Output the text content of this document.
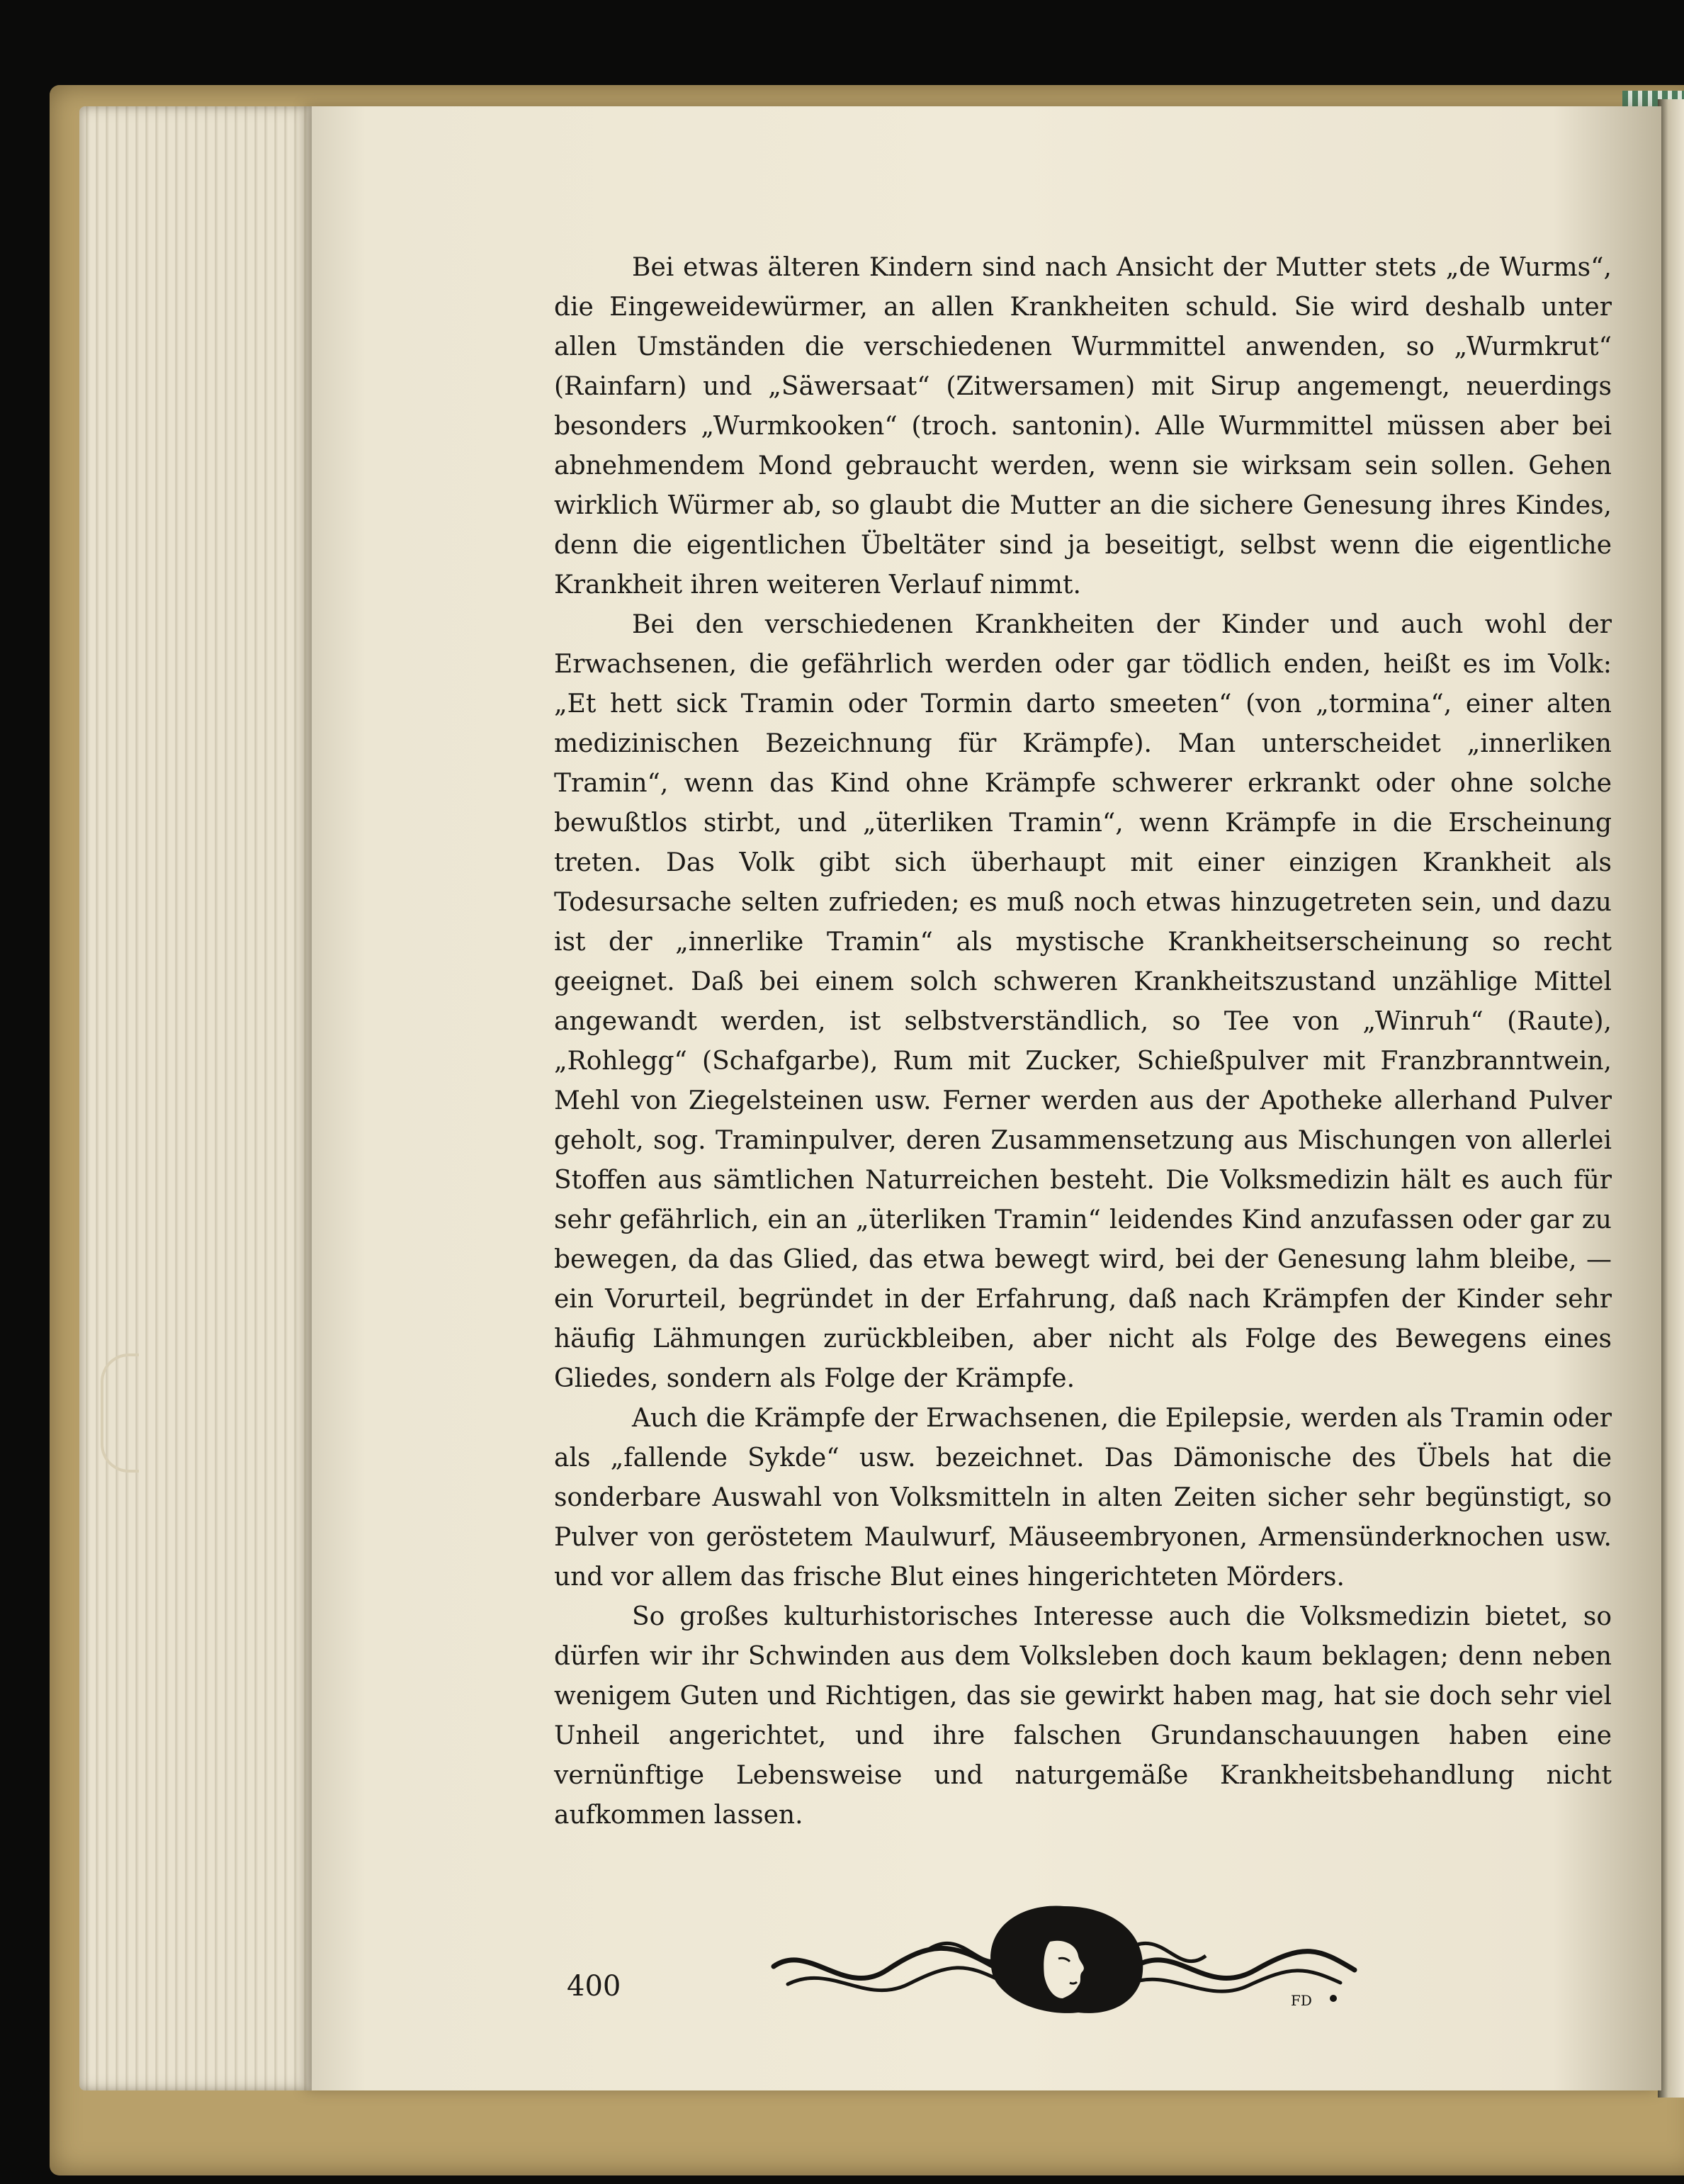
Bei etwas älteren Kindern sind nach Ansicht der Mutter stets „de Wurms“, die Eingeweidewürmer, an allen Krankheiten schuld. Sie wird deshalb unter allen Umständen die verschiedenen Wurmmittel anwenden, so „Wurmkrut“ (Rainfarn) und „Säwersaat“ (Zitwersamen) mit Sirup angemengt, neuerdings besonders „Wurmkooken“ (troch. santonin). Alle Wurmmittel müssen aber bei abnehmendem Mond gebraucht werden, wenn sie wirksam sein sollen. Gehen wirklich Würmer ab, so glaubt die Mutter an die sichere Genesung ihres Kindes, denn die eigentlichen Übeltäter sind ja beseitigt, selbst wenn die eigentliche Krankheit ihren weiteren Verlauf nimmt.

Bei den verschiedenen Krankheiten der Kinder und auch wohl der Erwachsenen, die gefährlich werden oder gar tödlich enden, heißt es im Volk: „Et hett sick Tramin oder Tormin darto smeeten“ (von „tormina“, einer alten medizinischen Bezeichnung für Krämpfe). Man unterscheidet „innerliken Tramin“, wenn das Kind ohne Krämpfe schwerer erkrankt oder ohne solche bewußtlos stirbt, und „üterliken Tramin“, wenn Krämpfe in die Erscheinung treten. Das Volk gibt sich überhaupt mit einer einzigen Krankheit als Todesursache selten zufrieden; es muß noch etwas hinzugetreten sein, und dazu ist der „innerlike Tramin“ als mystische Krankheitserscheinung so recht geeignet. Daß bei einem solch schweren Krankheitszustand unzählige Mittel angewandt werden, ist selbstverständlich, so Tee von „Winruh“ (Raute), „Rohlegg“ (Schafgarbe), Rum mit Zucker, Schießpulver mit Franzbranntwein, Mehl von Ziegelsteinen usw. Ferner werden aus der Apotheke allerhand Pulver geholt, sog. Traminpulver, deren Zusammensetzung aus Mischungen von allerlei Stoffen aus sämtlichen Naturreichen besteht. Die Volksmedizin hält es auch für sehr gefährlich, ein an „üterliken Tramin“ leidendes Kind anzufassen oder gar zu bewegen, da das Glied, das etwa bewegt wird, bei der Genesung lahm bleibe, — ein Vorurteil, begründet in der Erfahrung, daß nach Krämpfen der Kinder sehr häufig Lähmungen zurückbleiben, aber nicht als Folge des Bewegens eines Gliedes, sondern als Folge der Krämpfe.

Auch die Krämpfe der Erwachsenen, die Epilepsie, werden als Tramin oder als „fallende Sykde“ usw. bezeichnet. Das Dämonische des Übels hat die sonderbare Auswahl von Volksmitteln in alten Zeiten sicher sehr begünstigt, so Pulver von geröstetem Maulwurf, Mäuseembryonen, Armensünderknochen usw. und vor allem das frische Blut eines hingerichteten Mörders.

So großes kulturhistorisches Interesse auch die Volksmedizin bietet, so dürfen wir ihr Schwinden aus dem Volksleben doch kaum beklagen; denn neben wenigem Guten und Richtigen, das sie gewirkt haben mag, hat sie doch sehr viel Unheil angerichtet, und ihre falschen Grundanschauungen haben eine vernünftige Lebensweise und naturgemäße Krankheitsbehandlung nicht aufkommen lassen.

FD
400
